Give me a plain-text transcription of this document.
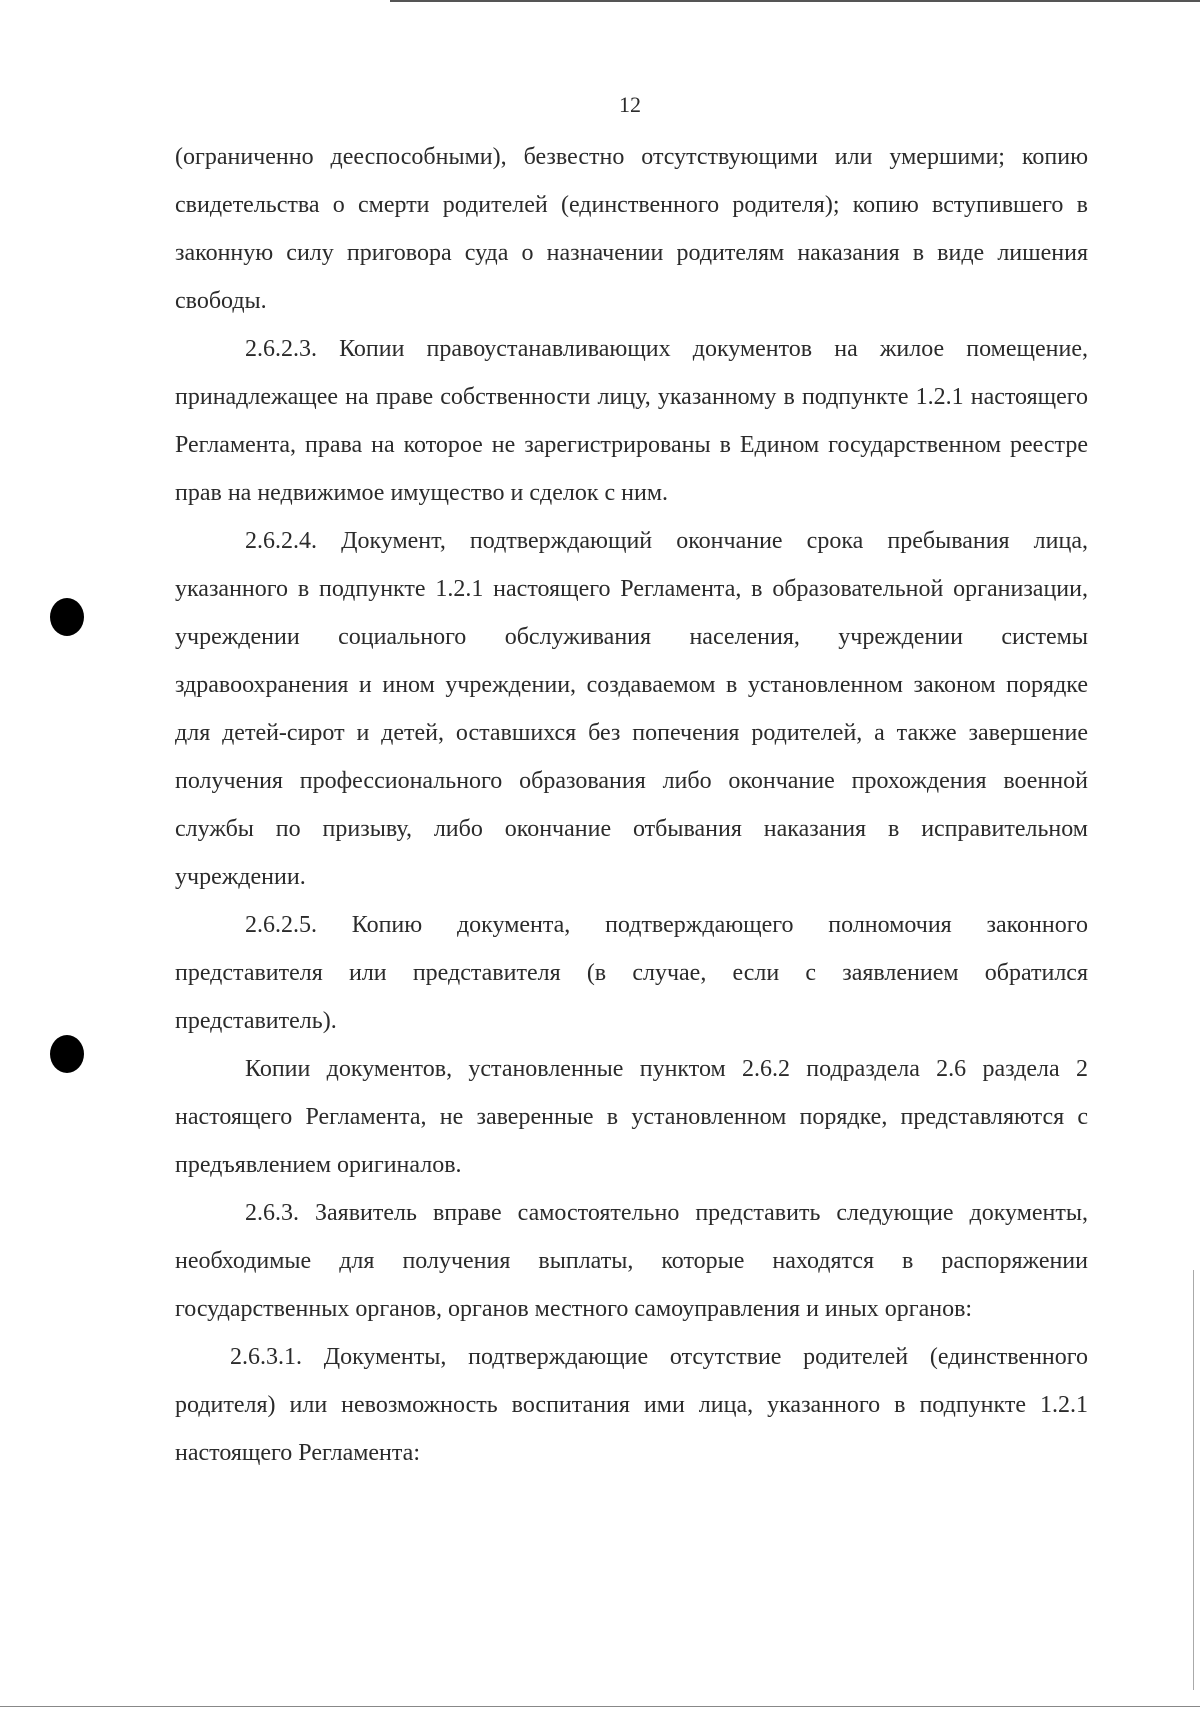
12

(ограниченно дееспособными), безвестно отсутствующими или умершими; копию свидетельства о смерти родителей (единственного родителя); копию вступившего в законную силу приговора суда о назначении родителям наказания в виде лишения свободы.

2.6.2.3. Копии правоустанавливающих документов на жилое помещение, принадлежащее на праве собственности лицу, указанному в подпункте 1.2.1 настоящего Регламента, права на которое не зарегистрированы в Едином государственном реестре прав на недвижимое имущество и сделок с ним.

2.6.2.4. Документ, подтверждающий окончание срока пребывания лица, указанного в подпункте 1.2.1 настоящего Регламента, в образовательной организации, учреждении социального обслуживания населения, учреждении системы здравоохранения и ином учреждении, создаваемом в установленном законом порядке для детей-сирот и детей, оставшихся без попечения родителей, а также завершение получения профессионального образования либо окончание прохождения военной службы по призыву, либо окончание отбывания наказания в исправительном учреждении.

2.6.2.5. Копию документа, подтверждающего полномочия законного представителя или представителя (в случае, если с заявлением обратился представитель).

Копии документов, установленные пунктом 2.6.2 подраздела 2.6 раздела 2 настоящего Регламента, не заверенные в установленном порядке, представляются с предъявлением оригиналов.

2.6.3. Заявитель вправе самостоятельно представить следующие документы, необходимые для получения выплаты, которые находятся в распоряжении государственных органов, органов местного самоуправления и иных органов:

2.6.3.1. Документы, подтверждающие отсутствие родителей (единственного родителя) или невозможность воспитания ими лица, указанного в подпункте 1.2.1 настоящего Регламента:
